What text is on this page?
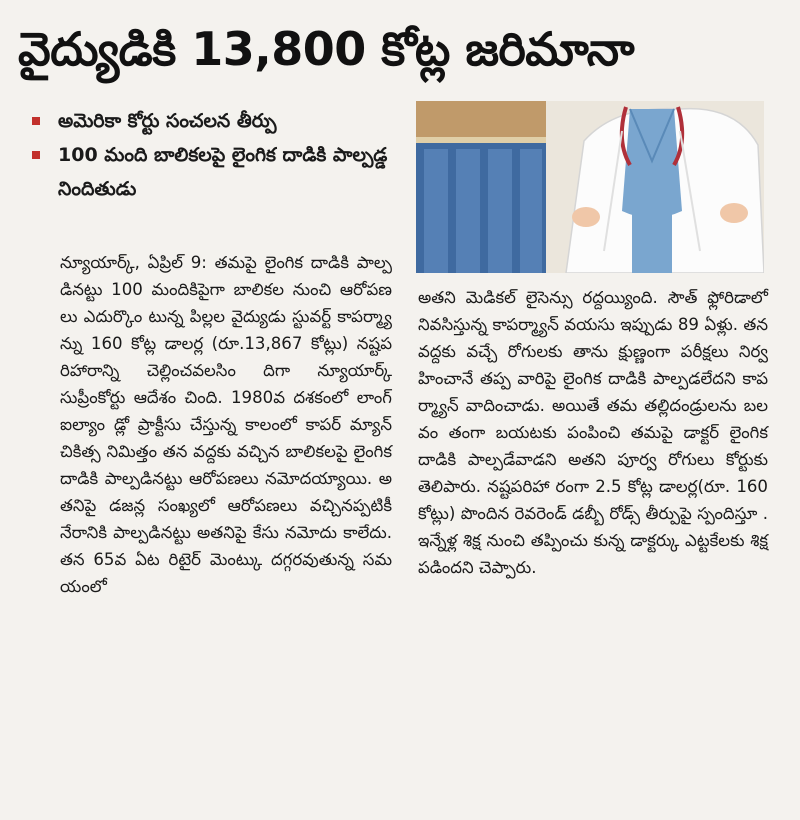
వైద్యుడికి 13,800 కోట్ల జరిమానా
అమెరికా కోర్టు సంచలన తీర్పు
100 మంది బాలికలపై లైంగిక దాడికి పాల్పడ్డ నిందితుడు

న్యూయార్క్, ఏప్రిల్ 9: తమపై లైంగిక దాడికి పాల్పడినట్టు 100 మందికిపైగా బాలికల నుంచి ఆరోపణలు ఎదుర్కొం టున్న పిల్లల వైద్యుడు స్టువర్ట్ కాపర్మ్యా న్ను 160 కోట్ల డాలర్ల (రూ.13,867 కోట్లు) నష్టపరిహారాన్ని చెల్లించవలసిం దిగా న్యూయార్క్ సుప్రీంకోర్టు ఆదేశం చింది. 1980వ దశకంలో లాంగ్ ఐల్యాం డ్లో ప్రాక్టీసు చేస్తున్న కాలంలో కాపర్ మ్యాన్ చికిత్స నిమిత్తం తన వద్దకు వచ్చిన బాలికలపై లైంగిక దాడికి పాల్పడినట్టు ఆరోపణలు నమోదయ్యాయి. అతనిపై డజన్ల సంఖ్యలో ఆరోపణలు వచ్చినప్పటికీ నేరానికి పాల్పడినట్టు అతనిపై కేసు నమోదు కాలేదు. తన 65వ ఏట రిటైర్ మెంట్కు దగ్గరవుతున్న సమయంలో

అతని మెడికల్ లైసెన్సు రద్దయ్యింది. సౌత్ ఫ్లోరిడాలో నివసిస్తున్న కాపర్మ్యాన్ వయసు ఇప్పుడు 89 ఏళ్లు. తన వద్దకు వచ్చే రోగులకు తాను క్షుణ్ణంగా పరీక్షలు నిర్వహించానే తప్ప వారిపై లైంగిక దాడికి పాల్పడలేదని కాపర్మ్యాన్ వాదించాడు. అయితే తమ తల్లిదండ్రులను బలవం తంగా బయటకు పంపించి తమపై డాక్టర్ లైంగిక దాడికి పాల్పడేవాడని అతని పూర్వ రోగులు కోర్టుకు తెలిపారు. నష్టపరిహా రంగా 2.5 కోట్ల డాలర్ల(రూ. 160 కోట్లు) పొందిన రెవరెండ్ డబ్బీ రోడ్స్ తీర్పుపై స్పందిస్తూ .ఇన్నేళ్ల శిక్ష నుంచి తప్పించు కున్న డాక్టర్కు ఎట్టకేలకు శిక్ష పడిందని చెప్పారు.
